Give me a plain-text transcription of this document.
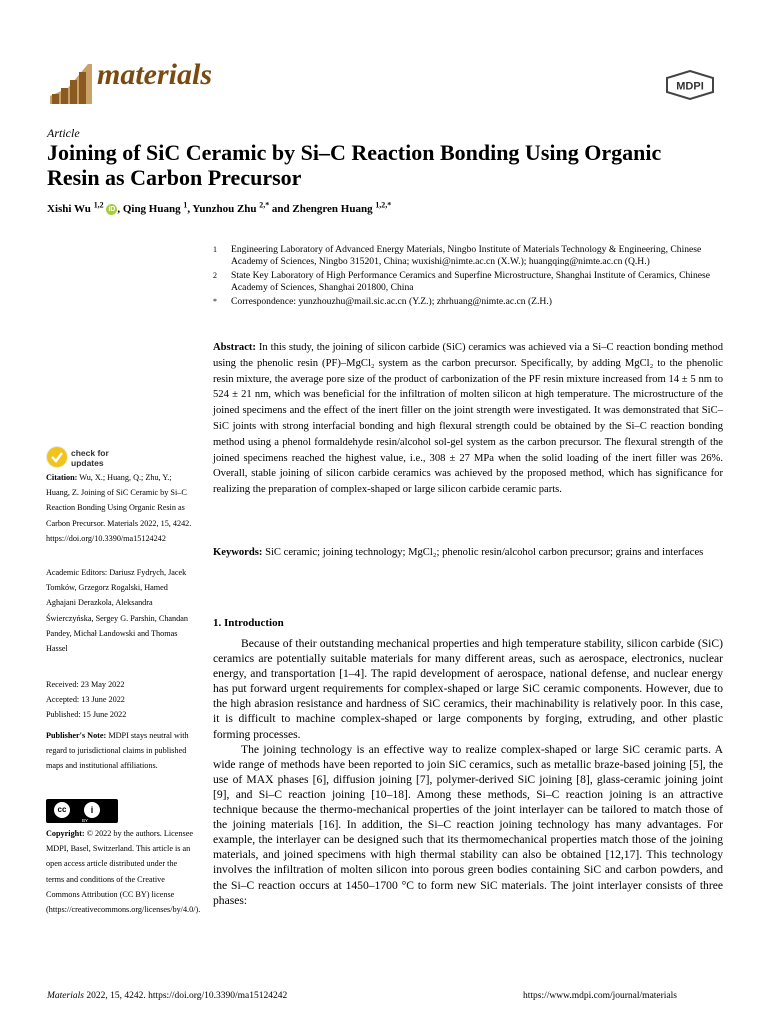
materials	MDPI
Article
Joining of SiC Ceramic by Si–C Reaction Bonding Using Organic Resin as Carbon Precursor
Xishi Wu $^{1,2}$ iD , Qing Huang $^1$, Yunzhou Zhu $^{2,*}$ and Zhengren Huang $^{1,2,*}$
1	Engineering Laboratory of Advanced Energy Materials, Ningbo Institute of Materials Technology & Engineering, Chinese Academy of Sciences, Ningbo 315201, China; wuxishi@nimte.ac.cn (X.W.); huangqing@nimte.ac.cn (Q.H.)
2	State Key Laboratory of High Performance Ceramics and Superfine Microstructure, Shanghai Institute of Ceramics, Chinese Academy of Sciences, Shanghai 201800, China
*	Correspondence: yunzhouzhu@mail.sic.ac.cn (Y.Z.); zhrhuang@nimte.ac.cn (Z.H.)
Abstract: In this study, the joining of silicon carbide (SiC) ceramics was achieved via a Si–C reaction bonding method using the phenolic resin (PF)–MgCl₂ system as the carbon precursor. Specifically, by adding MgCl₂ to the phenolic resin mixture, the average pore size of the product of carbonization of the PF resin mixture increased from 14 ± 5 nm to 524 ± 21 nm, which was beneficial for the infiltration of molten silicon at high temperature. The microstructure of the joined specimens and the effect of the inert filler on the joint strength were investigated. It was demonstrated that SiC–SiC joints with strong interfacial bonding and high flexural strength could be obtained by the Si–C reaction bonding method using a phenol formaldehyde resin/alcohol sol-gel system as the carbon precursor. The flexural strength of the joined specimens reached the highest value, i.e., 308 ± 27 MPa when the solid loading of the inert filler was 26%. Overall, stable joining of silicon carbide ceramics was achieved by the proposed method, which has significance for realizing the preparation of complex-shaped or large silicon carbide ceramic parts.
Keywords: SiC ceramic; joining technology; MgCl₂; phenolic resin/alcohol carbon precursor; grains and interfaces
1. Introduction

Because of their outstanding mechanical properties and high temperature stability, silicon carbide (SiC) ceramics are potentially suitable materials for many different areas, such as aerospace, electronics, nuclear energy, and transportation [1–4]. The rapid development of aerospace, national defense, and nuclear energy has put forward urgent requirements for complex-shaped or large SiC ceramic components. However, due to the high abrasion resistance and hardness of SiC ceramics, their machinability is relatively poor. In this case, it is difficult to machine complex-shaped or large components by forging, extruding, and other plastic forming processes.

The joining technology is an effective way to realize complex-shaped or large SiC ceramic parts. A wide range of methods have been reported to join SiC ceramics, such as metallic braze-based joining [5], the use of MAX phases [6], diffusion joining [7], polymer-derived SiC joining [8], glass-ceramic joining joint [9], and Si–C reaction joining [10–18]. Among these methods, Si–C reaction joining is an attractive technique because the thermo-mechanical properties of the joint interlayer can be tailored to match those of the joining materials [16]. In addition, the Si–C reaction joining technology has many advantages. For example, the interlayer can be designed such that its thermomechanical properties match those of the joining materials, and joined specimens with high thermal stability can also be obtained [12,17]. This technology involves the infiltration of molten silicon into porous green bodies containing SiC and carbon powders, and the Si–C reaction occurs at 1450–1700 °C to form new SiC materials. The joint interlayer consists of three phases:

check for
updates
Citation: Wu, X.; Huang, Q.; Zhu, Y.; Huang, Z. Joining of SiC Ceramic by Si–C Reaction Bonding Using Organic Resin as Carbon Precursor. Materials 2022, 15, 4242. https://doi.org/10.3390/ma15124242
Academic Editors: Dariusz Fydrych, Jacek Tomków, Grzegorz Rogalski, Hamed Aghajani Derazkola, Aleksandra Świerczyńska, Sergey G. Parshin, Chandan Pandey, Michał Landowski and Thomas Hassel
Received: 23 May 2022
Accepted: 13 June 2022
Published: 15 June 2022
Publisher's Note: MDPI stays neutral with regard to jurisdictional claims in published maps and institutional affiliations.
cc	i
BY
Copyright: © 2022 by the authors. Licensee MDPI, Basel, Switzerland. This article is an open access article distributed under the terms and conditions of the Creative Commons Attribution (CC BY) license (https://creativecommons.org/licenses/by/4.0/).
Materials 2022, 15, 4242. https://doi.org/10.3390/ma15124242	https://www.mdpi.com/journal/materials
